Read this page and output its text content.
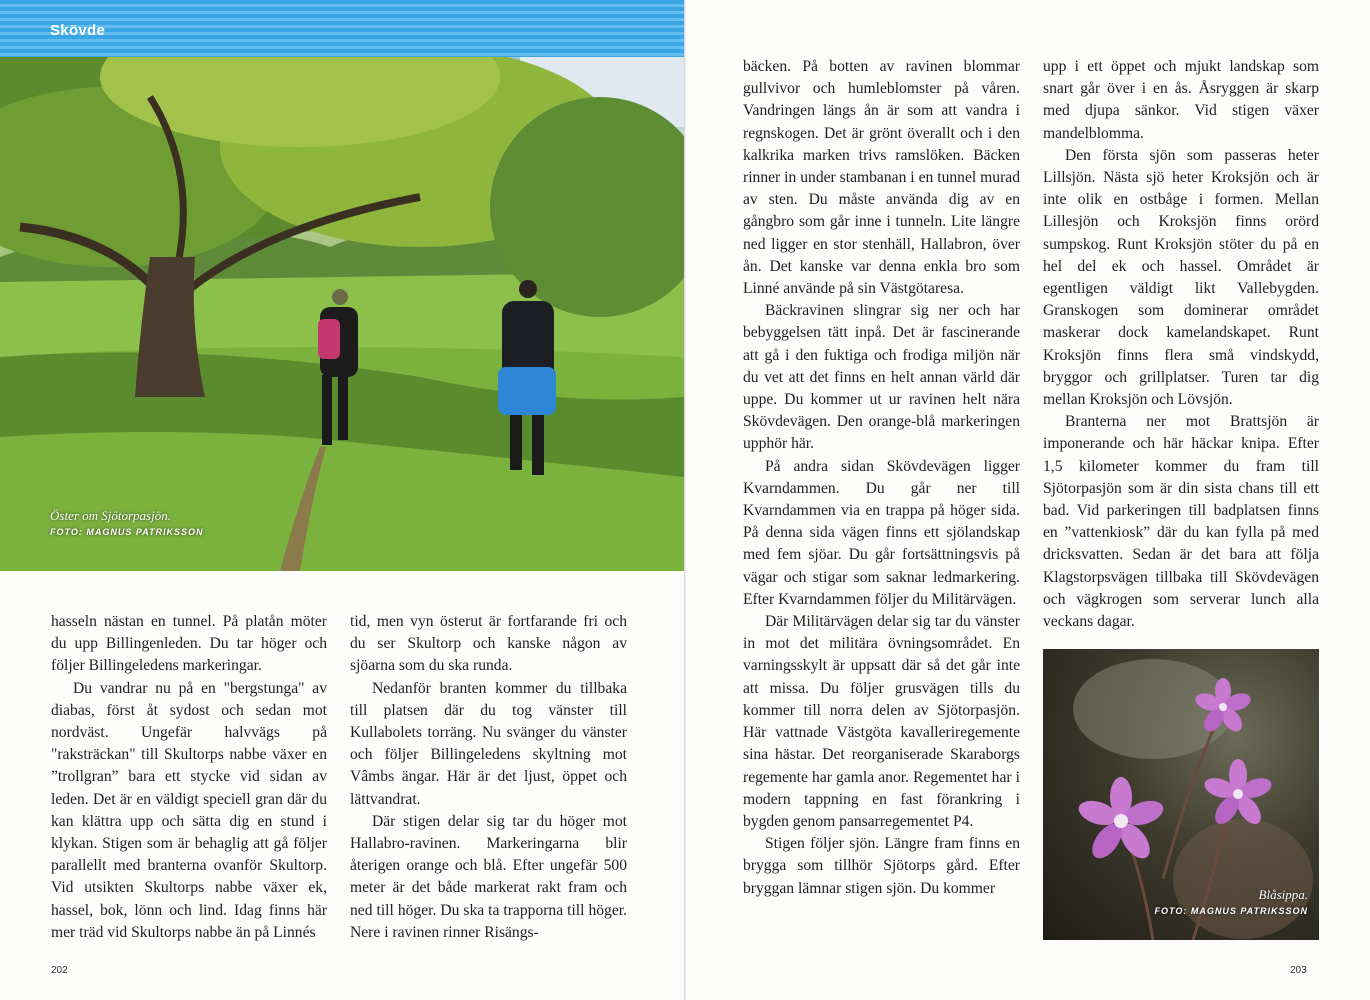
Skövde
Öster om Sjötorpasjön.
FOTO: MAGNUS PATRIKSSON

hasseln nästan en tunnel. På platån möter du upp Billingenleden. Du tar höger och följer Billingeledens markeringar.

Du vandrar nu på en "bergstunga" av diabas, först åt sydost och sedan mot nordväst. Ungefär halvvägs på "raksträckan" till Skultorps nabbe växer en ”trollgran” bara ett stycke vid sidan av leden. Det är en väldigt speciell gran där du kan klättra upp och sätta dig en stund i klykan. Stigen som är behaglig att gå följer parallellt med branterna ovanför Skultorp. Vid utsikten Skultorps nabbe växer ek, hassel, bok, lönn och lind. Idag finns här mer träd vid Skultorps nabbe än på Linnés

tid, men vyn österut är fortfarande fri och du ser Skultorp och kanske någon av sjöarna som du ska runda.

Nedanför branten kommer du tillbaka till platsen där du tog vänster till Kullabolets torräng. Nu svänger du vänster och följer Billingeledens skyltning mot Vâmbs ängar. Här är det ljust, öppet och lättvandrat.

Där stigen delar sig tar du höger mot Hallabro-ravinen. Markeringarna blir återigen orange och blå. Efter ungefär 500 meter är det både markerat rakt fram och ned till höger. Du ska ta trapporna till höger. Nere i ravinen rinner Risängs-

202

bäcken. På botten av ravinen blommar gullvivor och humleblomster på våren. Vandringen längs ån är som att vandra i regnskogen. Det är grönt överallt och i den kalkrika marken trivs ramslöken. Bäcken rinner in under stambanan i en tunnel murad av sten. Du måste använda dig av en gångbro som går inne i tunneln. Lite längre ned ligger en stor stenhäll, Hallabron, över ån. Det kanske var denna enkla bro som Linné använde på sin Västgötaresa.

Bäckravinen slingrar sig ner och har bebyggelsen tätt inpå. Det är fascinerande att gå i den fuktiga och frodiga miljön när du vet att det finns en helt annan värld där uppe. Du kommer ut ur ravinen helt nära Skövdevägen. Den orange-blå markeringen upphör här.

På andra sidan Skövdevägen ligger Kvarndammen. Du går ner till Kvarndammen via en trappa på höger sida. På denna sida vägen finns ett sjölandskap med fem sjöar. Du går fortsättningsvis på vägar och stigar som saknar ledmarkering. Efter Kvarndammen följer du Militärvägen.

Där Militärvägen delar sig tar du vänster in mot det militära övningsområdet. En varningsskylt är uppsatt där så det går inte att missa. Du följer grusvägen tills du kommer till norra delen av Sjötorpasjön. Här vattnade Västgöta kavalleriregemente sina hästar. Det reorganiserade Skaraborgs regemente har gamla anor. Regementet har i modern tappning en fast förankring i bygden genom pansarregementet P4.

Stigen följer sjön. Längre fram finns en brygga som tillhör Sjötorps gård. Efter bryggan lämnar stigen sjön. Du kommer

upp i ett öppet och mjukt landskap som snart går över i en ås. Åsryggen är skarp med djupa sänkor. Vid stigen växer mandelblomma.

Den första sjön som passeras heter Lillsjön. Nästa sjö heter Kroksjön och är inte olik en ostbåge i formen. Mellan Lillesjön och Kroksjön finns orörd sumpskog. Runt Kroksjön stöter du på en hel del ek och hassel. Området är egentligen väldigt likt Vallebygden. Granskogen som dominerar området maskerar dock kamelandskapet. Runt Kroksjön finns flera små vindskydd, bryggor och grillplatser. Turen tar dig mellan Kroksjön och Lövsjön.

Branterna ner mot Brattsjön är imponerande och här häckar knipa. Efter 1,5 kilometer kommer du fram till Sjötorpasjön som är din sista chans till ett bad. Vid parkeringen till badplatsen finns en ”vattenkiosk” där du kan fylla på med dricksvatten. Sedan är det bara att följa Klagstorpsvägen tillbaka till Skövdevägen och vägkrogen som serverar lunch alla veckans dagar.

Blåsippa.
FOTO: MAGNUS PATRIKSSON
203
